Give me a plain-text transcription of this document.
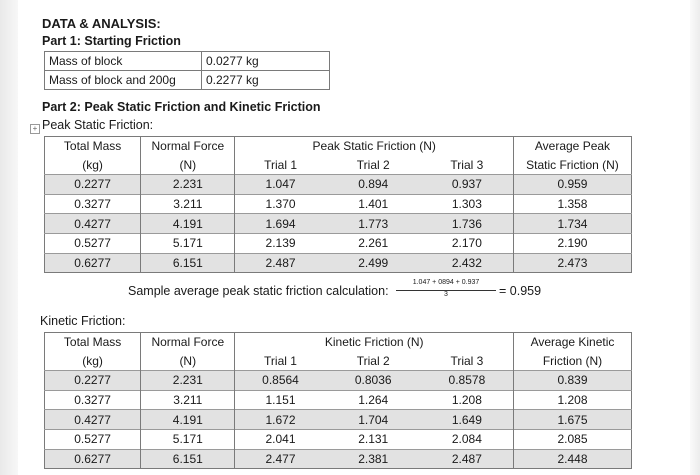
DATA & ANALYSIS:
Part 1: Starting Friction
Mass of block	0.0277 kg
Mass of block and 200g	0.2277 kg
Part 2: Peak Static Friction and Kinetic Friction
+ Peak Static Friction:
Total Mass	Normal Force	Peak Static Friction (N)			Average Peak
(kg)	(N)	Trial 1	Trial 2	Trial 3	Static Friction (N)
0.2277	2.231	1.047	0.894	0.937	0.959
0.3277	3.211	1.370	1.401	1.303	1.358
0.4277	4.191	1.694	1.773	1.736	1.734
0.5277	5.171	2.139	2.261	2.170	2.190
0.6277	6.151	2.487	2.499	2.432	2.473
Sample average peak static friction calculation:
1.047 + 0894 + 0.937
3	= 0.959
Kinetic Friction:
Total Mass	Normal Force	Kinetic Friction (N)			Average Kinetic
(kg)	(N)	Trial 1	Trial 2	Trial 3	Friction (N)
0.2277	2.231	0.8564	0.8036	0.8578	0.839
0.3277	3.211	1.151	1.264	1.208	1.208
0.4277	4.191	1.672	1.704	1.649	1.675
0.5277	5.171	2.041	2.131	2.084	2.085
0.6277	6.151	2.477	2.381	2.487	2.448
